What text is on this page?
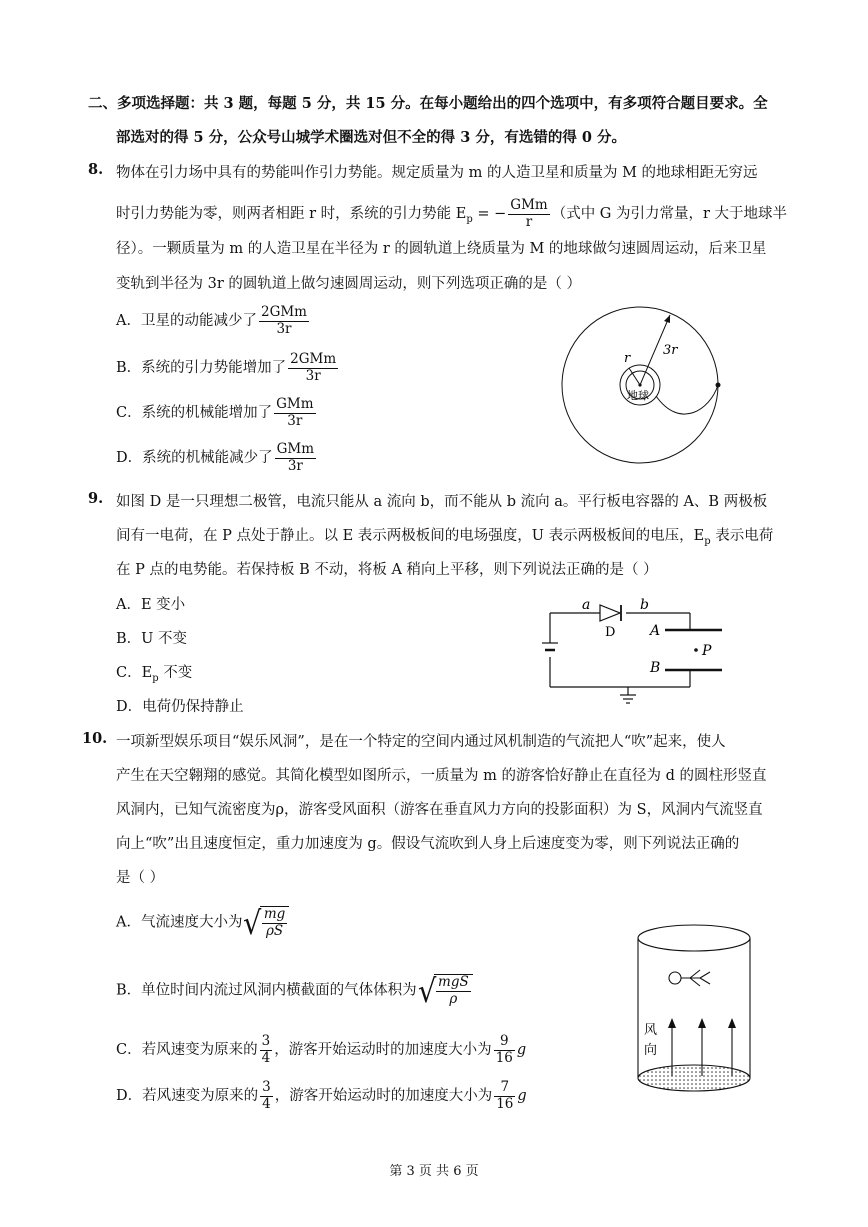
二、多项选择题：共 3 题，每题 5 分，共 15 分。在每小题给出的四个选项中，有多项符合题目要求。全
部选对的得 5 分，公众号山城学术圈选对但不全的得 3 分，有选错的得 0 分。
8. 物体在引力场中具有的势能叫作引力势能。规定质量为 m 的人造卫星和质量为 M 的地球相距无穷远
时引力势能为零，则两者相距 r 时，系统的引力势能 $E_p$ = − $\frac{\text{GMm}}{r}$ （式中 G 为引力常量，r 大于地球半
径）。一颗质量为 m 的人造卫星在半径为 r 的圆轨道上绕质量为 M 的地球做匀速圆周运动，后来卫星
变轨到半径为 3r 的圆轨道上做匀速圆周运动，则下列选项正确的是（ ）
A．卫星的动能减少了 $\frac{\text{2GMm}}{3r}$
B．系统的引力势能增加了 $\frac{\text{2GMm}}{3r}$
C．系统的机械能增加了 $\frac{\text{GMm}}{3r}$
D．系统的机械能减少了 $\frac{\text{GMm}}{3r}$
r
3r
地球
9. 如图 D 是一只理想二极管，电流只能从 a 流向 b，而不能从 b 流向 a。平行板电容器的 A、B 两极板
间有一电荷，在 P 点处于静止。以 E 表示两极板间的电场强度，U 表示两极板间的电压，$E_p$ 表示电荷
在 P 点的电势能。若保持板 B 不动，将板 A 稍向上平移，则下列说法正确的是（ ）
A．E 变小
B．U 不变
C．$E_p$ 不变
D．电荷仍保持静止
a	b
D A
B
P
10. 一项新型娱乐项目“娱乐风洞”，是在一个特定的空间内通过风机制造的气流把人“吹”起来，使人
产生在天空翱翔的感觉。其简化模型如图所示，一质量为 m 的游客恰好静止在直径为 d 的圆柱形竖直
风洞内，已知气流密度为ρ，游客受风面积（游客在垂直风力方向的投影面积）为 S，风洞内气流竖直
向上“吹”出且速度恒定，重力加速度为 g。假设气流吹到人身上后速度变为零，则下列说法正确的
是（ ）
A．气流速度大小为√ $\frac{mg}{\rho S}$
B．单位时间内流过风洞内横截面的气体体积为√ $\frac{\text{mgS}}{\rho}$
C．若风速变为原来的 $\frac{3}{4}$ ，游客开始运动时的加速度大小为 $\frac{9}{16}$ g
D．若风速变为原来的 $\frac{3}{4}$ ，游客开始运动时的加速度大小为 $\frac{7}{16}$ g
风
向
第 3 页 共 6 页
